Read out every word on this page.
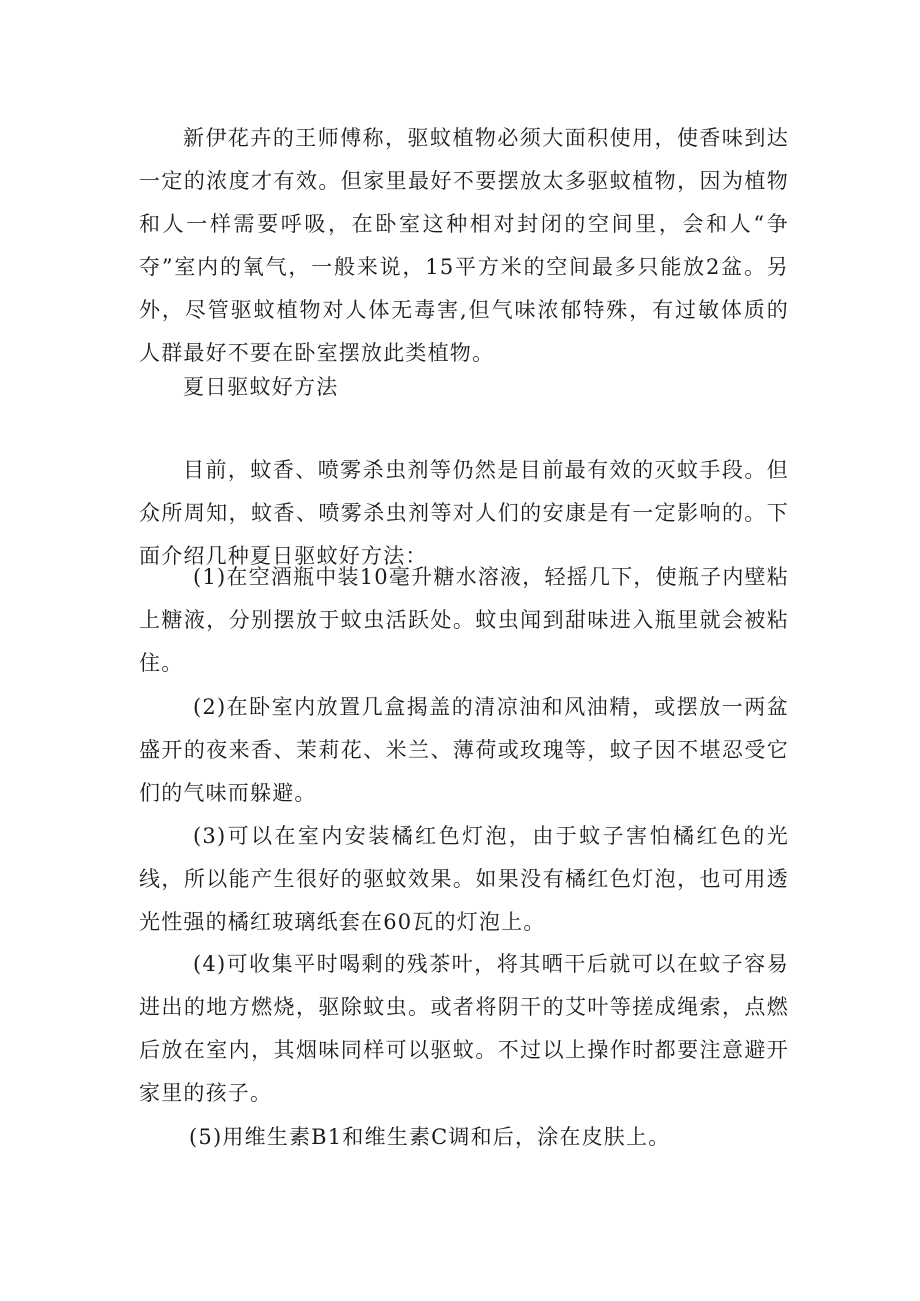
新伊花卉的王师傅称，驱蚊植物必须大面积使用，使香味到达一定的浓度才有效。但家里最好不要摆放太多驱蚊植物，因为植物和人一样需要呼吸，在卧室这种相对封闭的空间里，会和人“争夺”室内的氧气，一般来说，15平方米的空间最多只能放2盆。另外，尽管驱蚊植物对人体无毒害,但气味浓郁特殊，有过敏体质的人群最好不要在卧室摆放此类植物。

夏日驱蚊好方法

目前，蚊香、喷雾杀虫剂等仍然是目前最有效的灭蚊手段。但众所周知，蚊香、喷雾杀虫剂等对人们的安康是有一定影响的。下面介绍几种夏日驱蚊好方法：

(1)在空酒瓶中装10毫升糖水溶液，轻摇几下，使瓶子内壁粘上糖液，分别摆放于蚊虫活跃处。蚊虫闻到甜味进入瓶里就会被粘住。

(2)在卧室内放置几盒揭盖的清凉油和风油精，或摆放一两盆盛开的夜来香、茉莉花、米兰、薄荷或玫瑰等，蚊子因不堪忍受它们的气味而躲避。

(3)可以在室内安装橘红色灯泡，由于蚊子害怕橘红色的光线，所以能产生很好的驱蚊效果。如果没有橘红色灯泡，也可用透光性强的橘红玻璃纸套在60瓦的灯泡上。

(4)可收集平时喝剩的残茶叶，将其晒干后就可以在蚊子容易进出的地方燃烧，驱除蚊虫。或者将阴干的艾叶等搓成绳索，点燃后放在室内，其烟味同样可以驱蚊。不过以上操作时都要注意避开家里的孩子。

(5)用维生素B1和维生素C调和后，涂在皮肤上。
